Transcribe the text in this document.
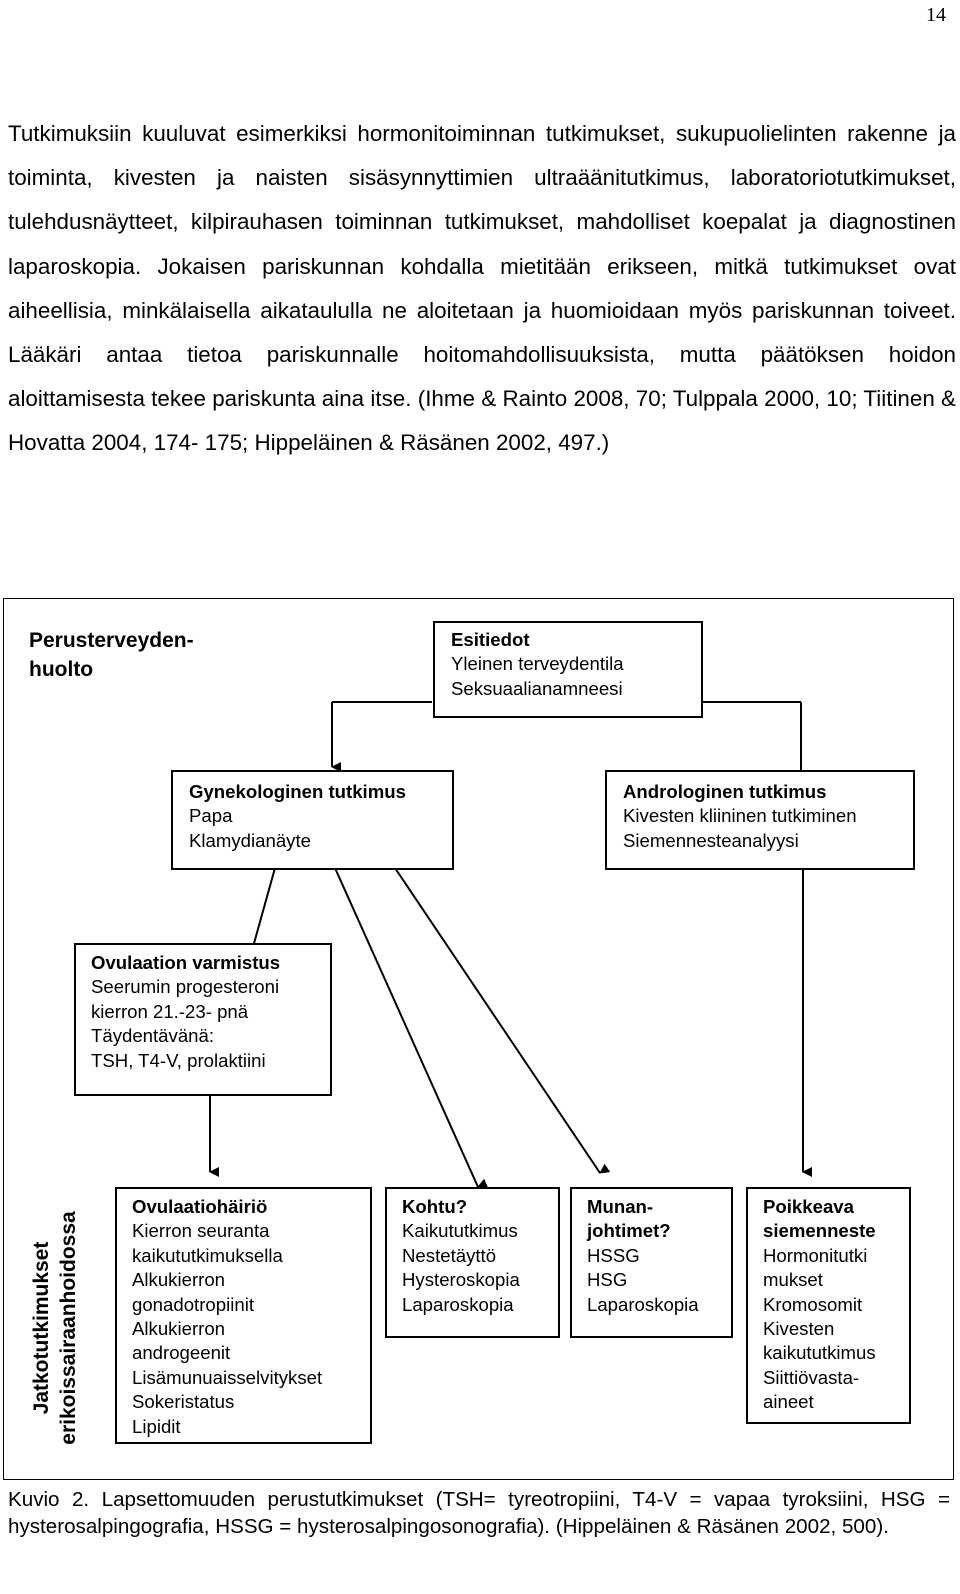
14

Tutkimuksiin kuuluvat esimerkiksi hormonitoiminnan tutkimukset, sukupuolielinten rakenne ja toiminta, kivesten ja naisten sisäsynnyttimien ultraäänitutkimus, laboratoriotutkimukset, tulehdusnäytteet, kilpirauhasen toiminnan tutkimukset, mahdolliset koepalat ja diagnostinen laparoskopia. Jokaisen pariskunnan kohdalla mietitään erikseen, mitkä tutkimukset ovat aiheellisia, minkälaisella aikataululla ne aloitetaan ja huomioidaan myös pariskunnan toiveet. Lääkäri antaa tietoa pariskunnalle hoitomahdollisuuksista, mutta päätöksen hoidon aloittamisesta tekee pariskunta aina itse. (Ihme & Rainto 2008, 70; Tulppala 2000, 10; Tiitinen & Hovatta 2004, 174- 175; Hippeläinen & Räsänen 2002, 497.)

Perusterveyden-
huolto
Esitiedot
Yleinen terveydentila
Seksuaalianamneesi
Gynekologinen tutkimus
Papa
Klamydianäyte
Androloginen tutkimus
Kivesten kliininen tutkiminen
Siemennesteanalyysi
Ovulaation varmistus
Seerumin progesteroni
kierron 21.-23- pnä
Täydentävänä:
TSH, T4-V, prolaktiini
Jatkotutkimukset erikoissairaanhoidossa
Ovulaatiohäiriö
Kierron seuranta
kaikututkimuksella
Alkukierron
gonadotropiinit
Alkukierron
androgeenit
Lisämunuaisselvitykset
Sokeristatus
Lipidit
Kohtu?
Kaikututkimus
Nestetäyttö
Hysteroskopia
Laparoskopia
Munan-
johtimet?
HSSG
HSG
Laparoskopia
Poikkeava
siemenneste
Hormonitutki
mukset
Kromosomit
Kivesten
kaikututkimus
Siittiövasta-
aineet

Kuvio 2. Lapsettomuuden perustutkimukset (TSH= tyreotropiini, T4-V = vapaa tyroksiini, HSG = hysterosalpingografia, HSSG = hysterosalpingosonografia). (Hippeläinen & Räsänen 2002, 500).
